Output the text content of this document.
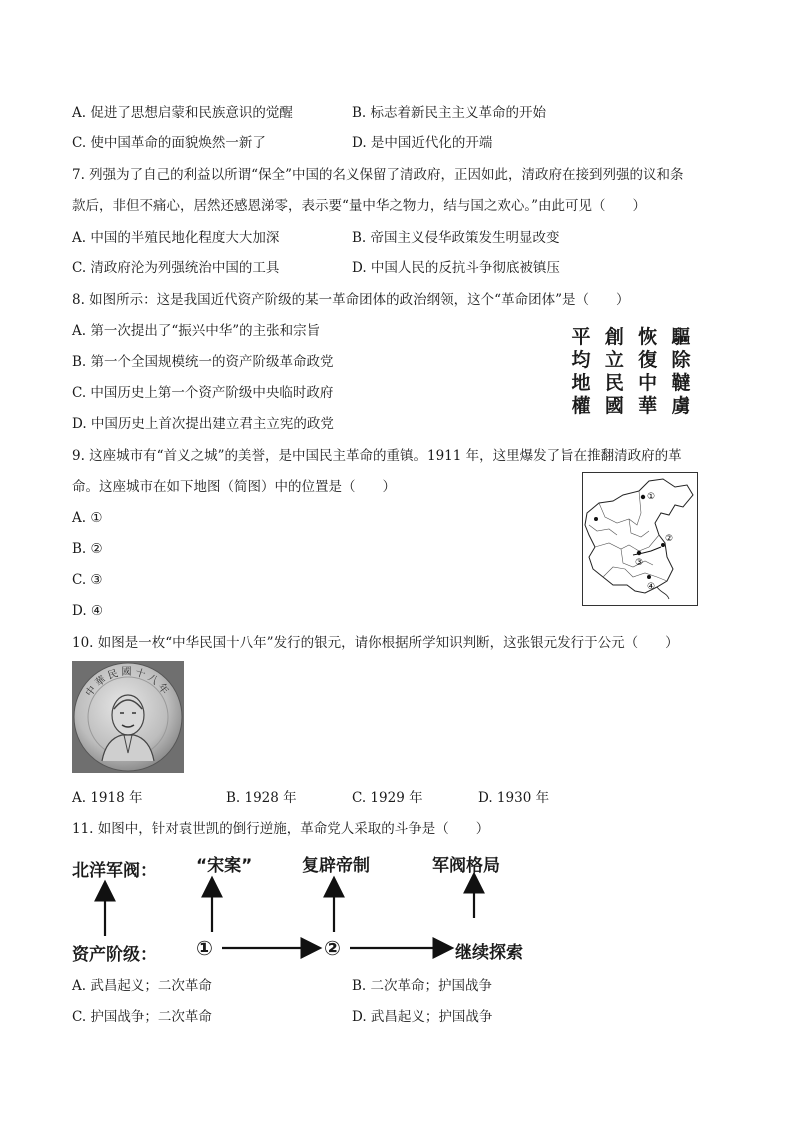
A. 促进了思想启蒙和民族意识的觉醒	B. 标志着新民主主义革命的开始
C. 使中国革命的面貌焕然一新了	D. 是中国近代化的开端
7. 列强为了自己的利益以所谓“保全”中国的名义保留了清政府，正因如此，清政府在接到列强的议和条
款后，非但不痛心，居然还感恩涕零，表示要“量中华之物力，结与国之欢心。”由此可见（　　）
A. 中国的半殖民地化程度大大加深	B. 帝国主义侵华政策发生明显改变
C. 清政府沦为列强统治中国的工具	D. 中国人民的反抗斗争彻底被镇压
8. 如图所示：这是我国近代资产阶级的某一革命团体的政治纲领，这个“革命团体”是（　　）
A. 第一次提出了“振兴中华”的主张和宗旨
B. 第一个全国规模统一的资产阶级革命政党
C. 中国历史上第一个资产阶级中央临时政府
D. 中国历史上首次提出建立君主立宪的政党
平
均
地
權
創
立
民
國
恢
復
中
華
驅
除
韃
虜
9. 这座城市有“首义之城”的美誉，是中国民主革命的重镇。1911 年，这里爆发了旨在推翻清政府的革
命。这座城市在如下地图（简图）中的位置是（　　）
A. ①
B. ②
C. ③
D. ④
①
②
③
④
10. 如图是一枚“中华民国十八年”发行的银元，请你根据所学知识判断，这张银元发行于公元（　　）
中華民國十八年
A. 1918 年	B. 1928 年	C. 1929 年	D. 1930 年
11. 如图中，针对袁世凯的倒行逆施，革命党人采取的斗争是（　　）
北洋军阀： “宋案”	复辟帝制	军阀格局
资产阶级： ①	②	继续探索
A. 武昌起义；二次革命	B. 二次革命；护国战争
C. 护国战争；二次革命	D. 武昌起义；护国战争
